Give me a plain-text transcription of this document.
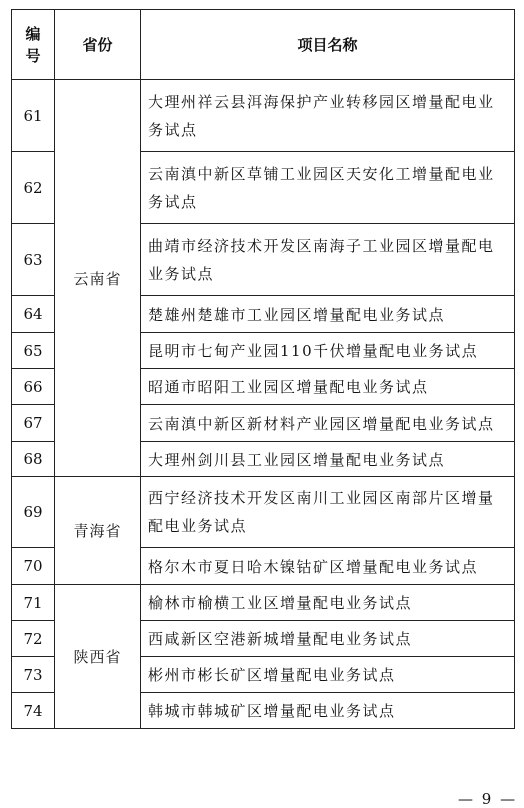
编
号	省份	项目名称
61	云南省	大理州祥云县洱海保护产业转移园区增量配电业务试点
62		云南滇中新区草铺工业园区天安化工增量配电业务试点
63		曲靖市经济技术开发区南海子工业园区增量配电业务试点
64		楚雄州楚雄市工业园区增量配电业务试点
65		昆明市七甸产业园110千伏增量配电业务试点
66		昭通市昭阳工业园区增量配电业务试点
67		云南滇中新区新材料产业园区增量配电业务试点
68		大理州剑川县工业园区增量配电业务试点
69	青海省	西宁经济技术开发区南川工业园区南部片区增量配电业务试点
70		格尔木市夏日哈木镍钴矿区增量配电业务试点
71	陕西省	榆林市榆横工业区增量配电业务试点
72		西咸新区空港新城增量配电业务试点
73		彬州市彬长矿区增量配电业务试点
74		韩城市韩城矿区增量配电业务试点
— 9 —
